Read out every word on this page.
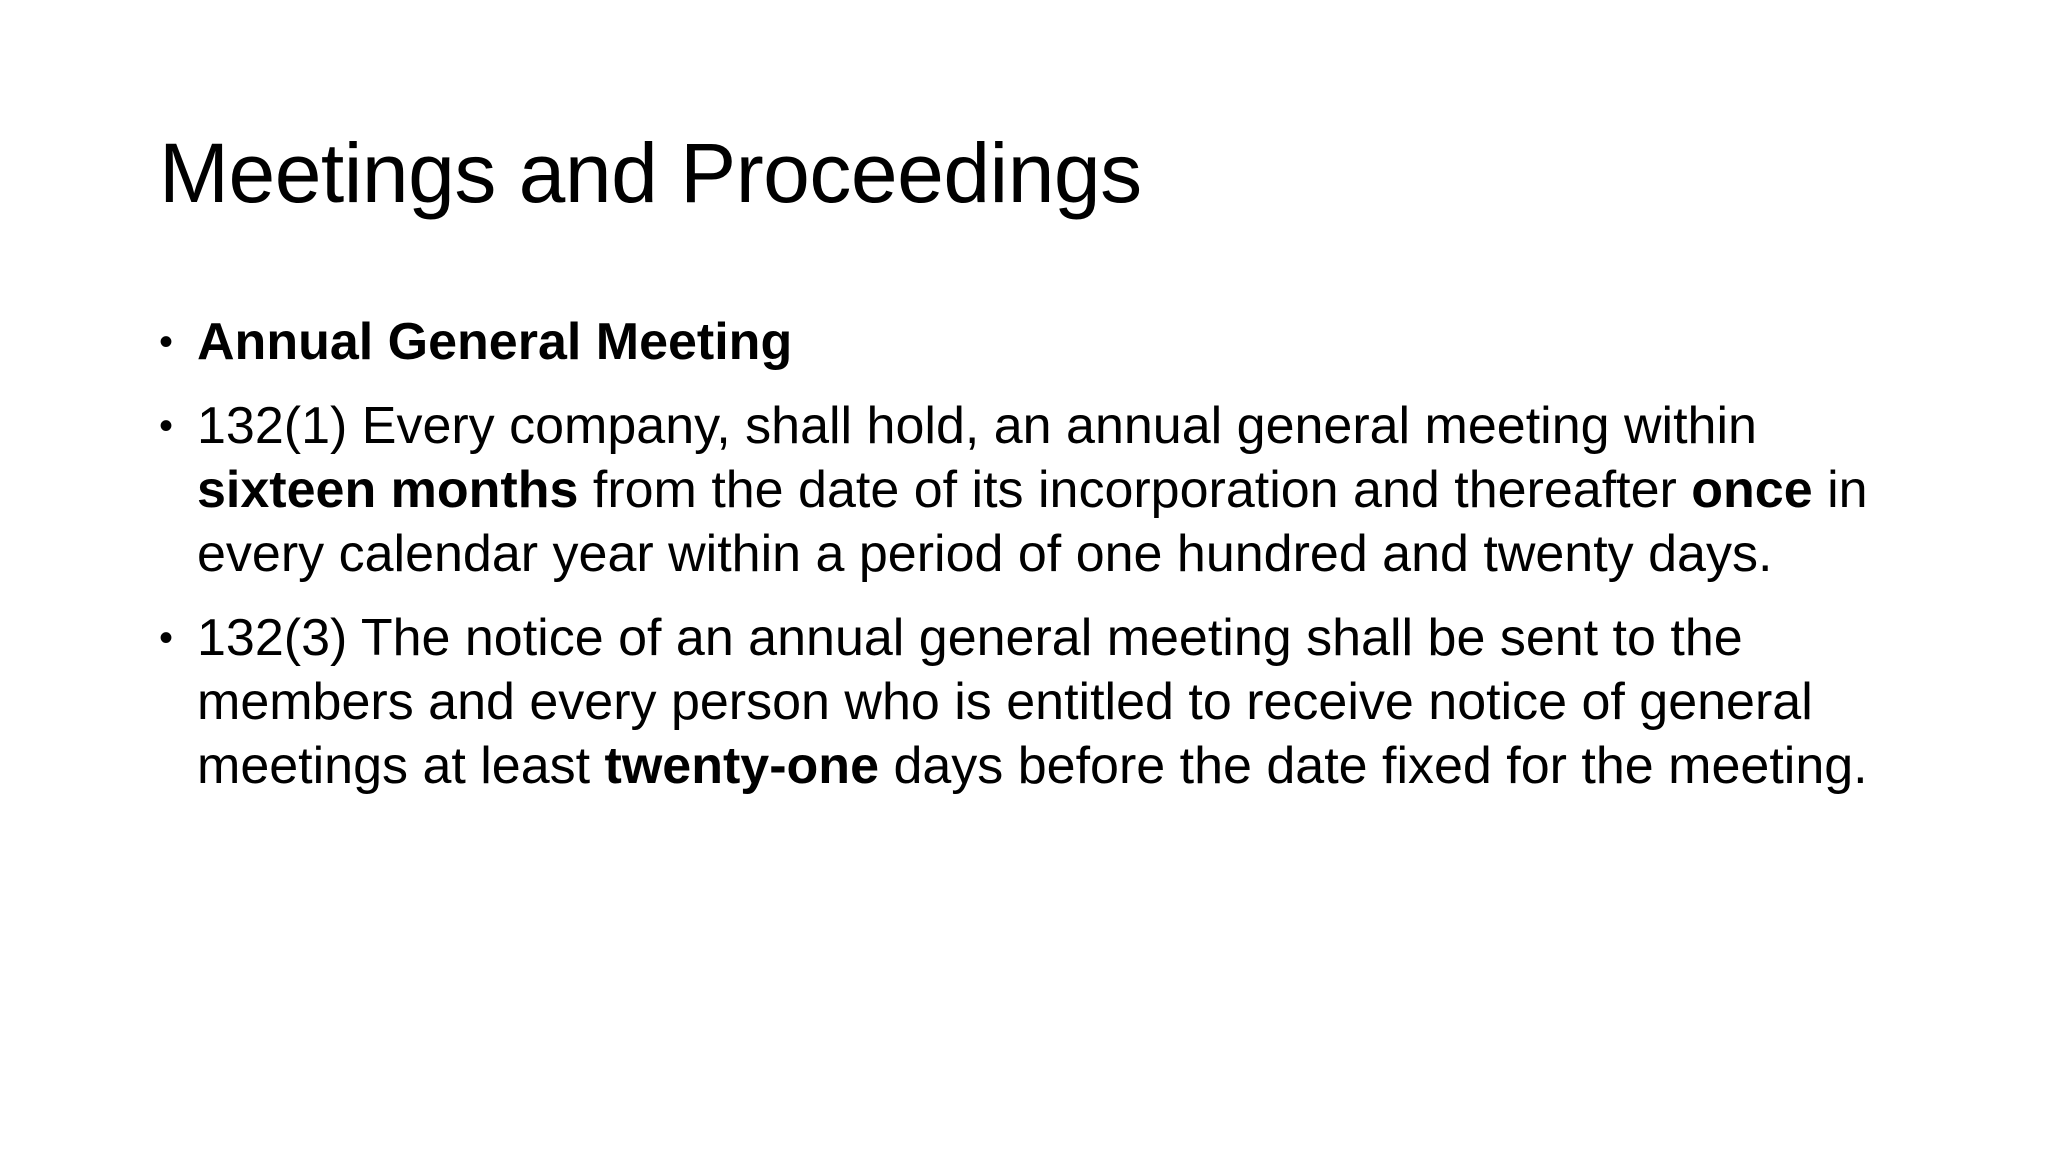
Meetings and Proceedings
• Annual General Meeting
• 132(1) Every company, shall hold, an annual general meeting within sixteen months from the date of its incorporation and thereafter once in every calendar year within a period of one hundred and twenty days.
• 132(3) The notice of an annual general meeting shall be sent to the members and every person who is entitled to receive notice of general meetings at least twenty-one days before the date fixed for the meeting.
